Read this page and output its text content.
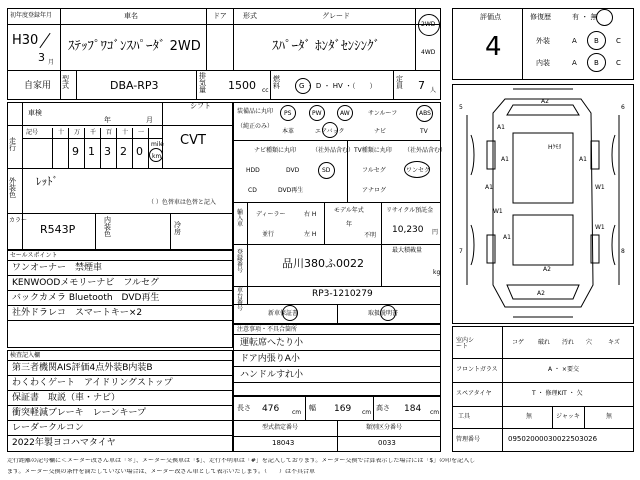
初年度登録年月	車名	ドア 形式	グレード
H30
3 月
ｽﾃｯﾌﾟﾜｺﾞﾝｽﾊﾟｰﾀﾞ 2WD	ｽﾊﾟｰﾀﾞ ﾎﾝﾀﾞｾﾝｼﾝｸﾞ
2WD
4WD
自家用
型式	DBA-RP3
排気量 1500 cc
燃料	G ・ D ・ HV ・（　　）
定員 7 人
評価点
4
修復歴	有 ・ 無
外装	A B C
内装	A B C
車検
年	月
シフト
CVT
走行
記号	十 万 千 百 十 一
9 1 3 2 0 km
mile
外装色
ﾚｯﾄﾞ
（ ）色替車は色替と記入
カラー
R543P
内装色
冷房
セールスポイント
ワンオーナー　禁煙車
KENWOODメモリーナビ　フルセグ
バックカメラ Bluetooth　DVD再生
社外ドラレコ　スマートキー×2
検査記入欄
第三者機関AIS評価4点外装B内装B
わくわくゲート　アイドリングストップ
保証書　取説（車・ナビ）
衝突軽減ブレーキ　レーンキープ
レーダークルコン
2022年製ヨコハマタイヤ
装備品に丸印
（純正のみ）
PS	PW	AW	サンルーフ	ABS
本革	エアバック	ナビ	TV
ナビ種類に丸印	（社外品含む）
HDD	DVD	SD
CD	DVD再生
TV種類に丸印 （社外品含む）
フルセグ	ワンセグ
アナログ
輸入車
ディーラー
並行
右 H
左 H
モデル年式
年
不明
リサイクル預託金
10,230 円
最大積載量
kg
登録番号
品川380ふ0022
車台番号
RP3-1210279
新車保証書	取扱説明書
注意事項・不具合箇所
運転席へたり小
ドア内張りA小
ハンドルすれ小
長さ 476 cm
幅 169 cm
高さ 184 cm
型式指定番号
18043
類別区分番号
0033
A2
A1
A1	A1
W1
W1
A1
W1
A1
A2
A2
Hｸﾓﾘ
5	6
7	8
室内シート
コゲ 破れ 汚れ 穴	キズ
フロントガラス	A ・ ×要交
スペアタイヤ	T ・ 修理KIT ・ 欠
工具	無	ジャッキ	無
管理番号	09502000030022503026
走行距離の記号欄に＜メーター改ざん車は「＊」、メーター交換車は「$」、走行不明車は「#」を記入しております。メーター交換で合算表示した場合には「$」の印を記入し
ます。メーター交換の条件を満たしていない場合は、メーター改ざん車として表示いたします。（　　）は不具合車
